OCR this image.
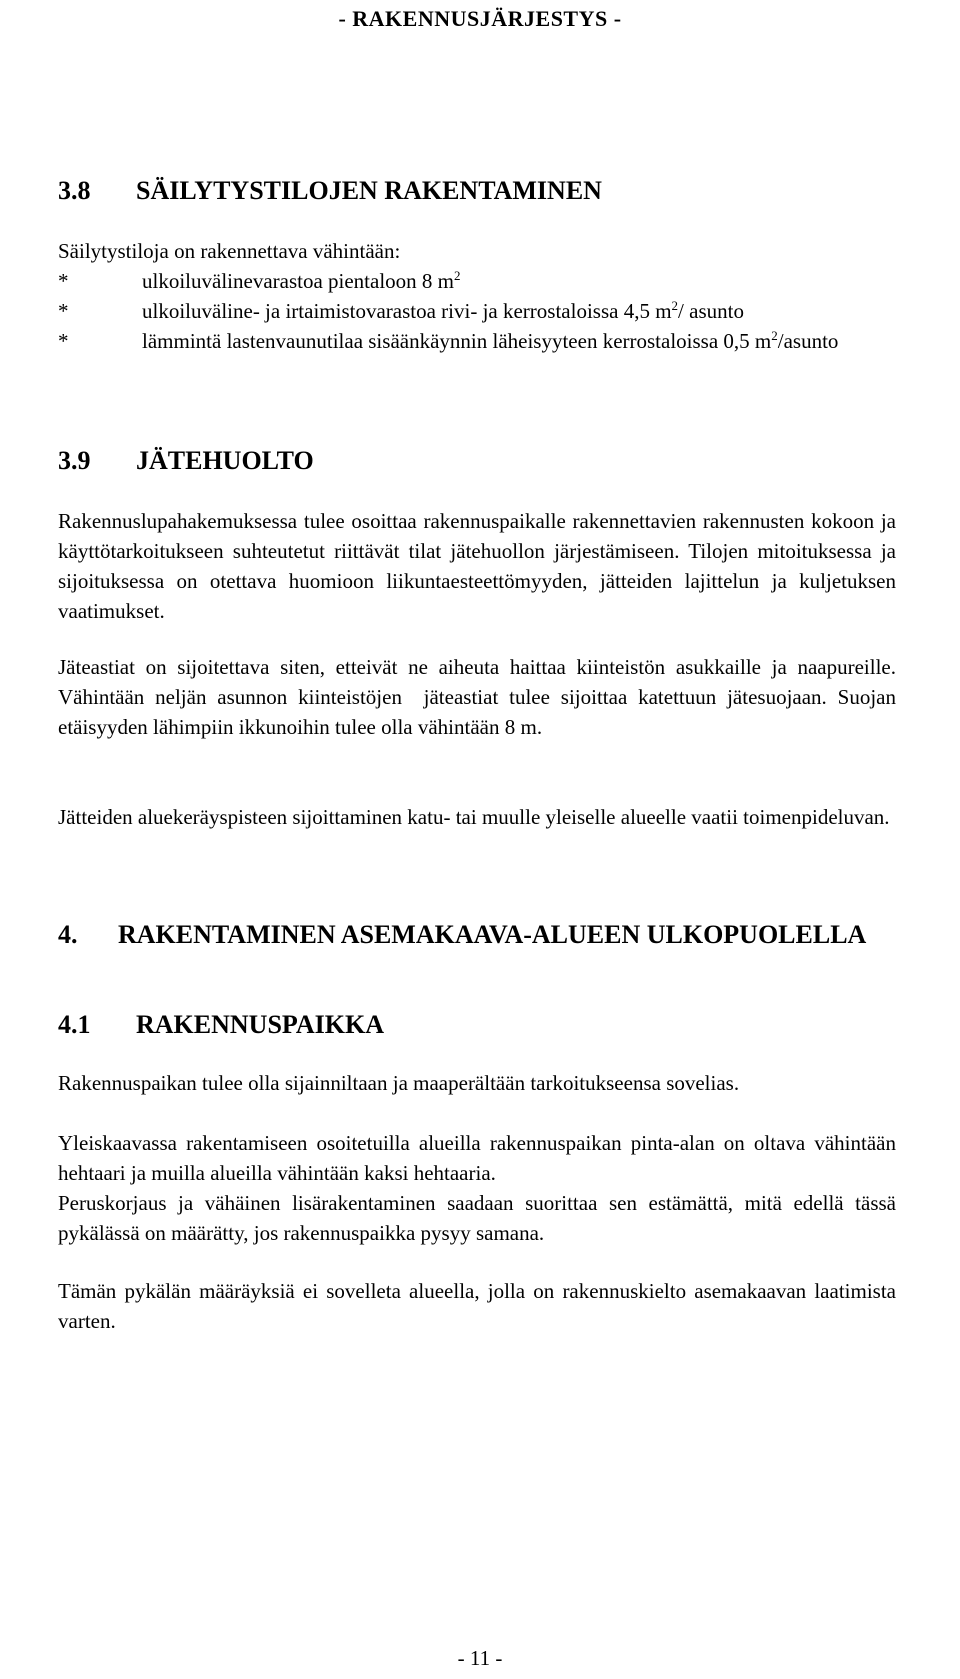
- RAKENNUSJÄRJESTYS -
3.8	SÄILYTYSTILOJEN RAKENTAMINEN
Säilytystiloja on rakennettava vähintään:
*	ulkoiluvälinevarastoa pientaloon 8 $m^2$
*	ulkoiluväline- ja irtaimistovarastoa rivi- ja kerrostaloissa 4,5 $m^2/$ asunto
*	lämmintä lastenvaunutilaa sisäänkäynnin läheisyyteen kerrostaloissa 0,5 $m^2$/asunto
3.9	JÄTEHUOLTO
Rakennuslupahakemuksessa tulee osoittaa rakennuspaikalle rakennettavien rakennusten kokoon ja käyttötarkoitukseen suhteutetut riittävät tilat jätehuollon järjestämiseen. Tilojen mitoituksessa ja sijoituksessa on otettava huomioon liikuntaesteettömyyden, jätteiden lajittelun ja kuljetuksen vaatimukset.
Jäteastiat on sijoitettava siten, etteivät ne aiheuta haittaa kiinteistön asukkaille ja naapureille. Vähintään neljän asunnon kiinteistöjen  jäteastiat tulee sijoittaa katettuun jätesuojaan. Suojan etäisyyden lähimpiin ikkunoihin tulee olla vähintään 8 m.
Jätteiden aluekeräyspisteen sijoittaminen katu- tai muulle yleiselle alueelle vaatii toimenpideluvan.
4.	RAKENTAMINEN ASEMAKAAVA-ALUEEN ULKOPUOLELLA
4.1	RAKENNUSPAIKKA
Rakennuspaikan tulee olla sijainniltaan ja maaperältään tarkoitukseensa sovelias.
Yleiskaavassa rakentamiseen osoitetuilla alueilla rakennuspaikan pinta-alan on oltava vähintään hehtaari ja muilla alueilla vähintään kaksi hehtaaria.
Peruskorjaus ja vähäinen lisärakentaminen saadaan suorittaa sen estämättä, mitä edellä tässä pykälässä on määrätty, jos rakennuspaikka pysyy samana.
Tämän pykälän määräyksiä ei sovelleta alueella, jolla on rakennuskielto asemakaavan laatimista varten.
- 11 -
